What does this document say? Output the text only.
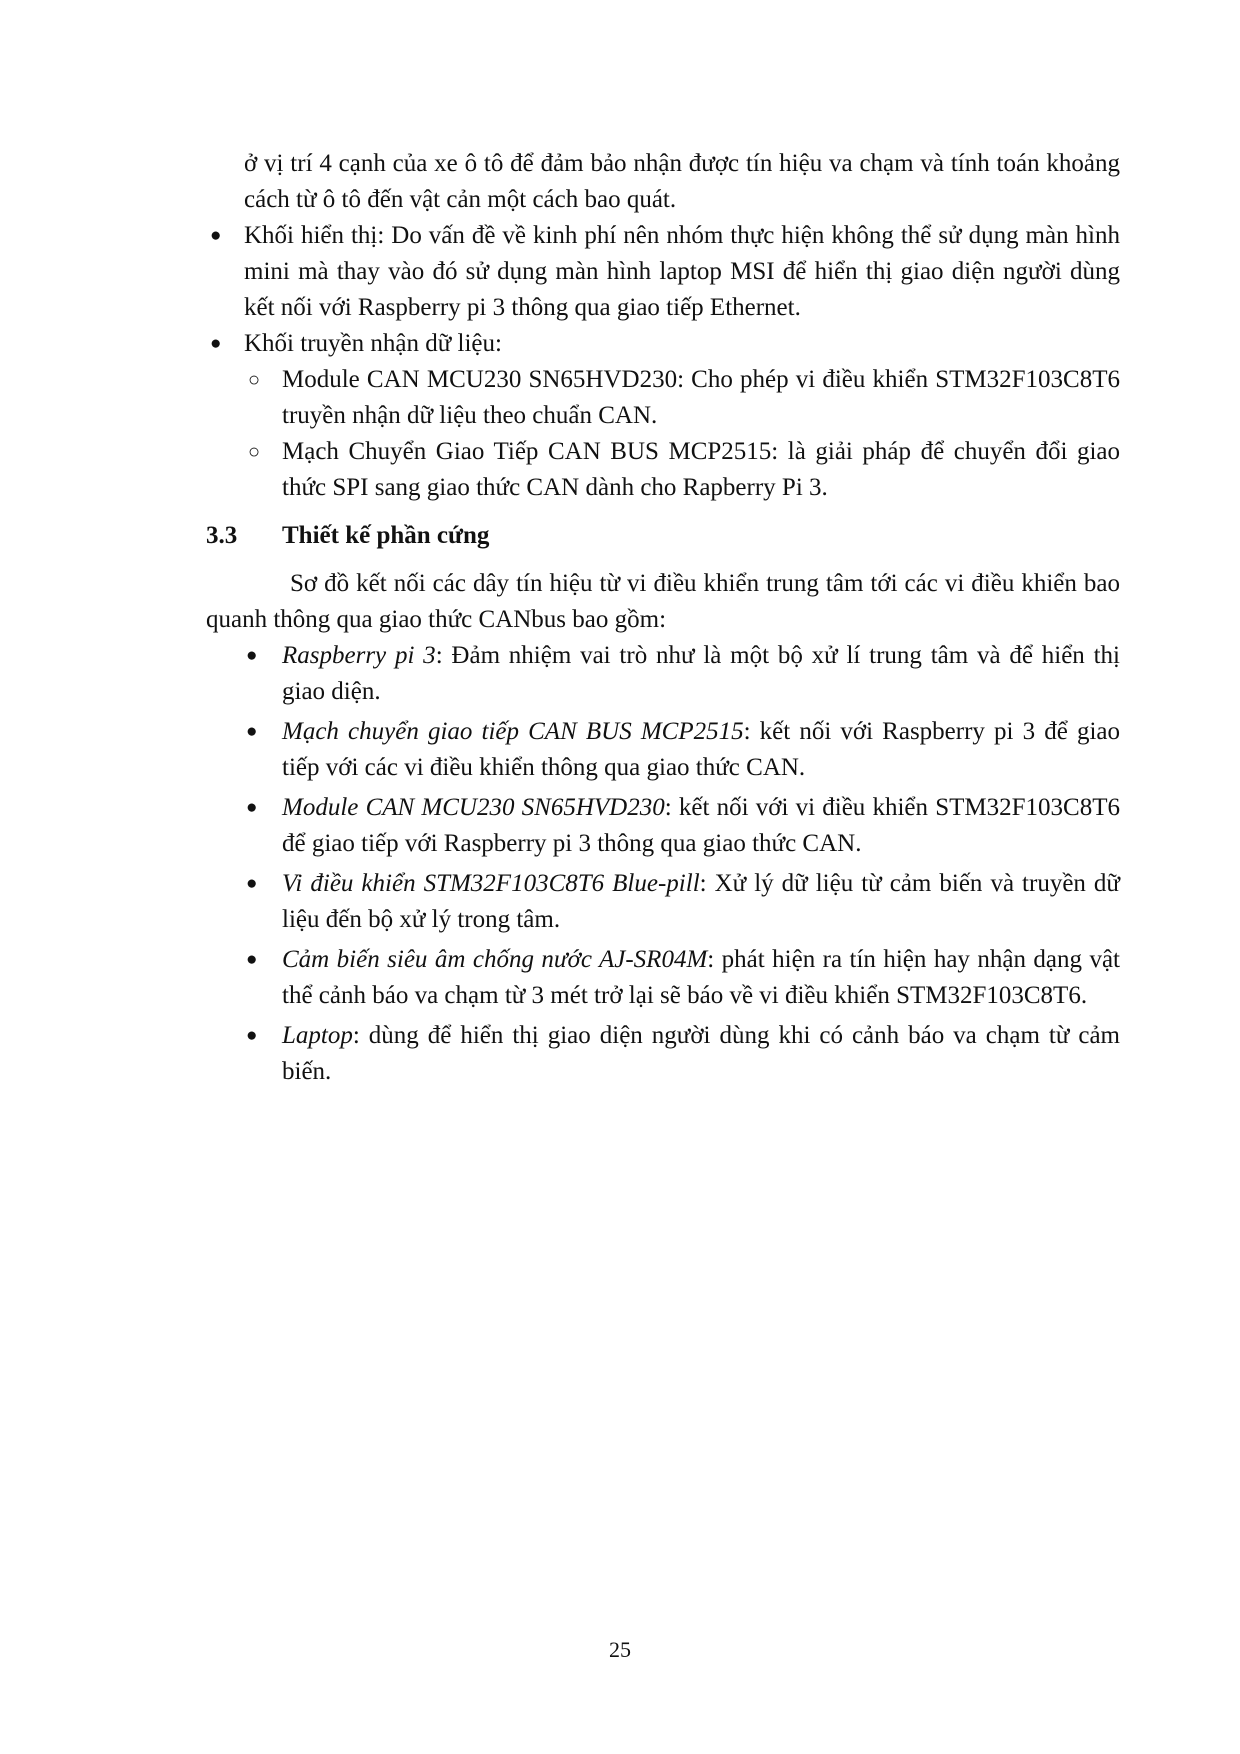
ở vị trí 4 cạnh của xe ô tô để đảm bảo nhận được tín hiệu va chạm và tính toán khoảng cách từ ô tô đến vật cản một cách bao quát.

● Khối hiển thị: Do vấn đề về kinh phí nên nhóm thực hiện không thể sử dụng màn hình mini mà thay vào đó sử dụng màn hình laptop MSI để hiển thị giao diện người dùng kết nối với Raspberry pi 3 thông qua giao tiếp Ethernet.
● Khối truyền nhận dữ liệu:
○ Module CAN MCU230 SN65HVD230: Cho phép vi điều khiển STM32F103C8T6 truyền nhận dữ liệu theo chuẩn CAN.
○ Mạch Chuyển Giao Tiếp CAN BUS MCP2515: là giải pháp để chuyển đổi giao thức SPI sang giao thức CAN dành cho Rapberry Pi 3.
3.3 Thiết kế phần cứng

Sơ đồ kết nối các dây tín hiệu từ vi điều khiển trung tâm tới các vi điều khiển bao quanh thông qua giao thức CANbus bao gồm:

● Raspberry pi 3: Đảm nhiệm vai trò như là một bộ xử lí trung tâm và để hiển thị giao diện.
● Mạch chuyển giao tiếp CAN BUS MCP2515: kết nối với Raspberry pi 3 để giao tiếp với các vi điều khiển thông qua giao thức CAN.
● Module CAN MCU230 SN65HVD230: kết nối với vi điều khiển STM32F103C8T6 để giao tiếp với Raspberry pi 3 thông qua giao thức CAN.
● Vi điều khiển STM32F103C8T6 Blue-pill: Xử lý dữ liệu từ cảm biến và truyền dữ liệu đến bộ xử lý trong tâm.
● Cảm biến siêu âm chống nước AJ-SR04M: phát hiện ra tín hiện hay nhận dạng vật thể cảnh báo va chạm từ 3 mét trở lại sẽ báo về vi điều khiển STM32F103C8T6.
● Laptop: dùng để hiển thị giao diện người dùng khi có cảnh báo va chạm từ cảm biến.
25
